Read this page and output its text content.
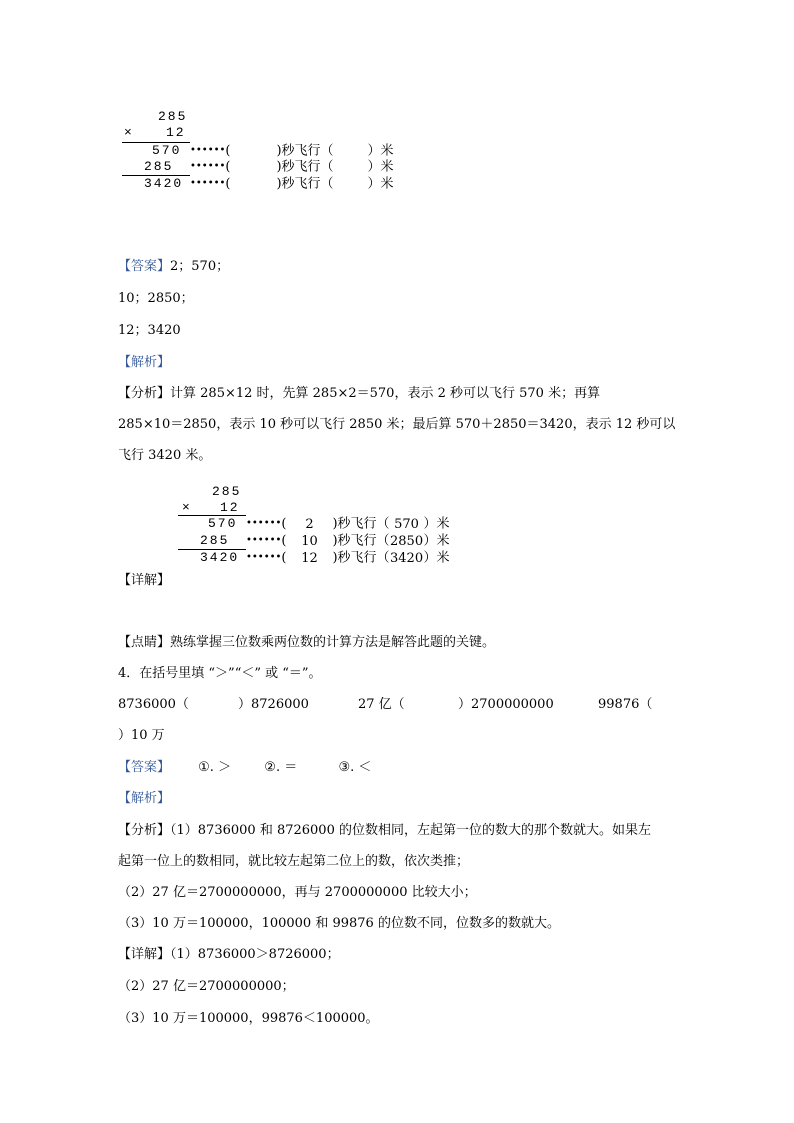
285
× 12
570 ••••••(	)秒飞行（	）米
285 ••••••(	)秒飞行（	）米
3420 ••••••(	)秒飞行（	）米
【答案】2；570；
10；2850；
12；3420
【解析】
【分析】计算 285×12 时，先算 285×2＝570，表示 2 秒可以飞行 570 米；再算
285×10＝2850，表示 10 秒可以飞行 2850 米；最后算 570＋2850＝3420，表示 12 秒可以
飞行 3420 米。
285
× 12
570 ••••••( 2 )秒飞行（ 570 ）米
285 ••••••( 10 )秒飞行（2850）米
3420 ••••••( 12 )秒飞行（3420）米
【详解】
【点睛】熟练掌握三位数乘两位数的计算方法是解答此题的关键。
4．在括号里填 “＞”“＜” 或 “＝”。
8736000（	）8726000	27 亿（	）2700000000	99876（
）10 万
【答案】 ①. ＞	②. ＝	③. ＜
【解析】
【分析】（1）8736000 和 8726000 的位数相同，左起第一位的数大的那个数就大。如果左
起第一位上的数相同，就比较左起第二位上的数，依次类推；
（2）27 亿＝2700000000，再与 2700000000 比较大小；
（3）10 万＝100000，100000 和 99876 的位数不同，位数多的数就大。
【详解】（1）8736000＞8726000；
（2）27 亿＝2700000000；
（3）10 万＝100000，99876＜100000。
